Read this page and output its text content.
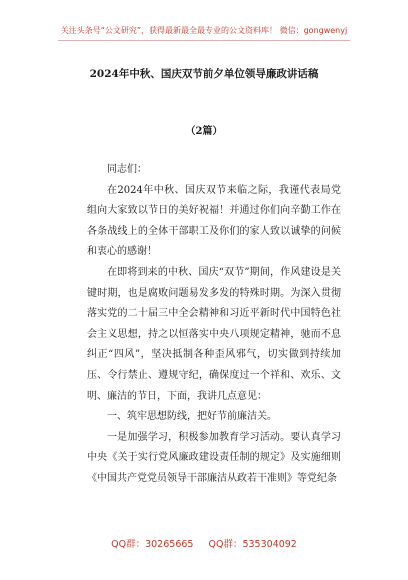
关注头条号“公文研究”，获得最新最全最专业的公文资料库！ 微信：gongwenyj
2024年中秋、国庆双节前夕单位领导廉政讲话稿
（2篇）

同志们：

在2024年中秋、国庆双节来临之际，我谨代表局党组向大家致以节日的美好祝福！并通过你们向辛勤工作在各条战线上的全体干部职工及你们的家人致以诚挚的问候和衷心的感谢！

在即将到来的中秋、国庆“双节”期间，作风建设是关键时期，也是腐败问题易发多发的特殊时期。为深入贯彻落实党的二十届三中全会精神和习近平新时代中国特色社会主义思想，持之以恒落实中央八项规定精神，驰而不息纠正“四风”，坚决抵制各种歪风邪气，切实做到持续加压、令行禁止、遵规守纪，确保度过一个祥和、欢乐、文明、廉洁的节日，下面，我讲几点意见：

一、筑牢思想防线，把好节前廉洁关。

一是加强学习，积极参加教育学习活动。要认真学习中央《关于实行党风廉政建设责任制的规定》及实施细则《中国共产党党员领导干部廉洁从政若干准则》等党纪条

QQ群：30265665 QQ群：535304092
